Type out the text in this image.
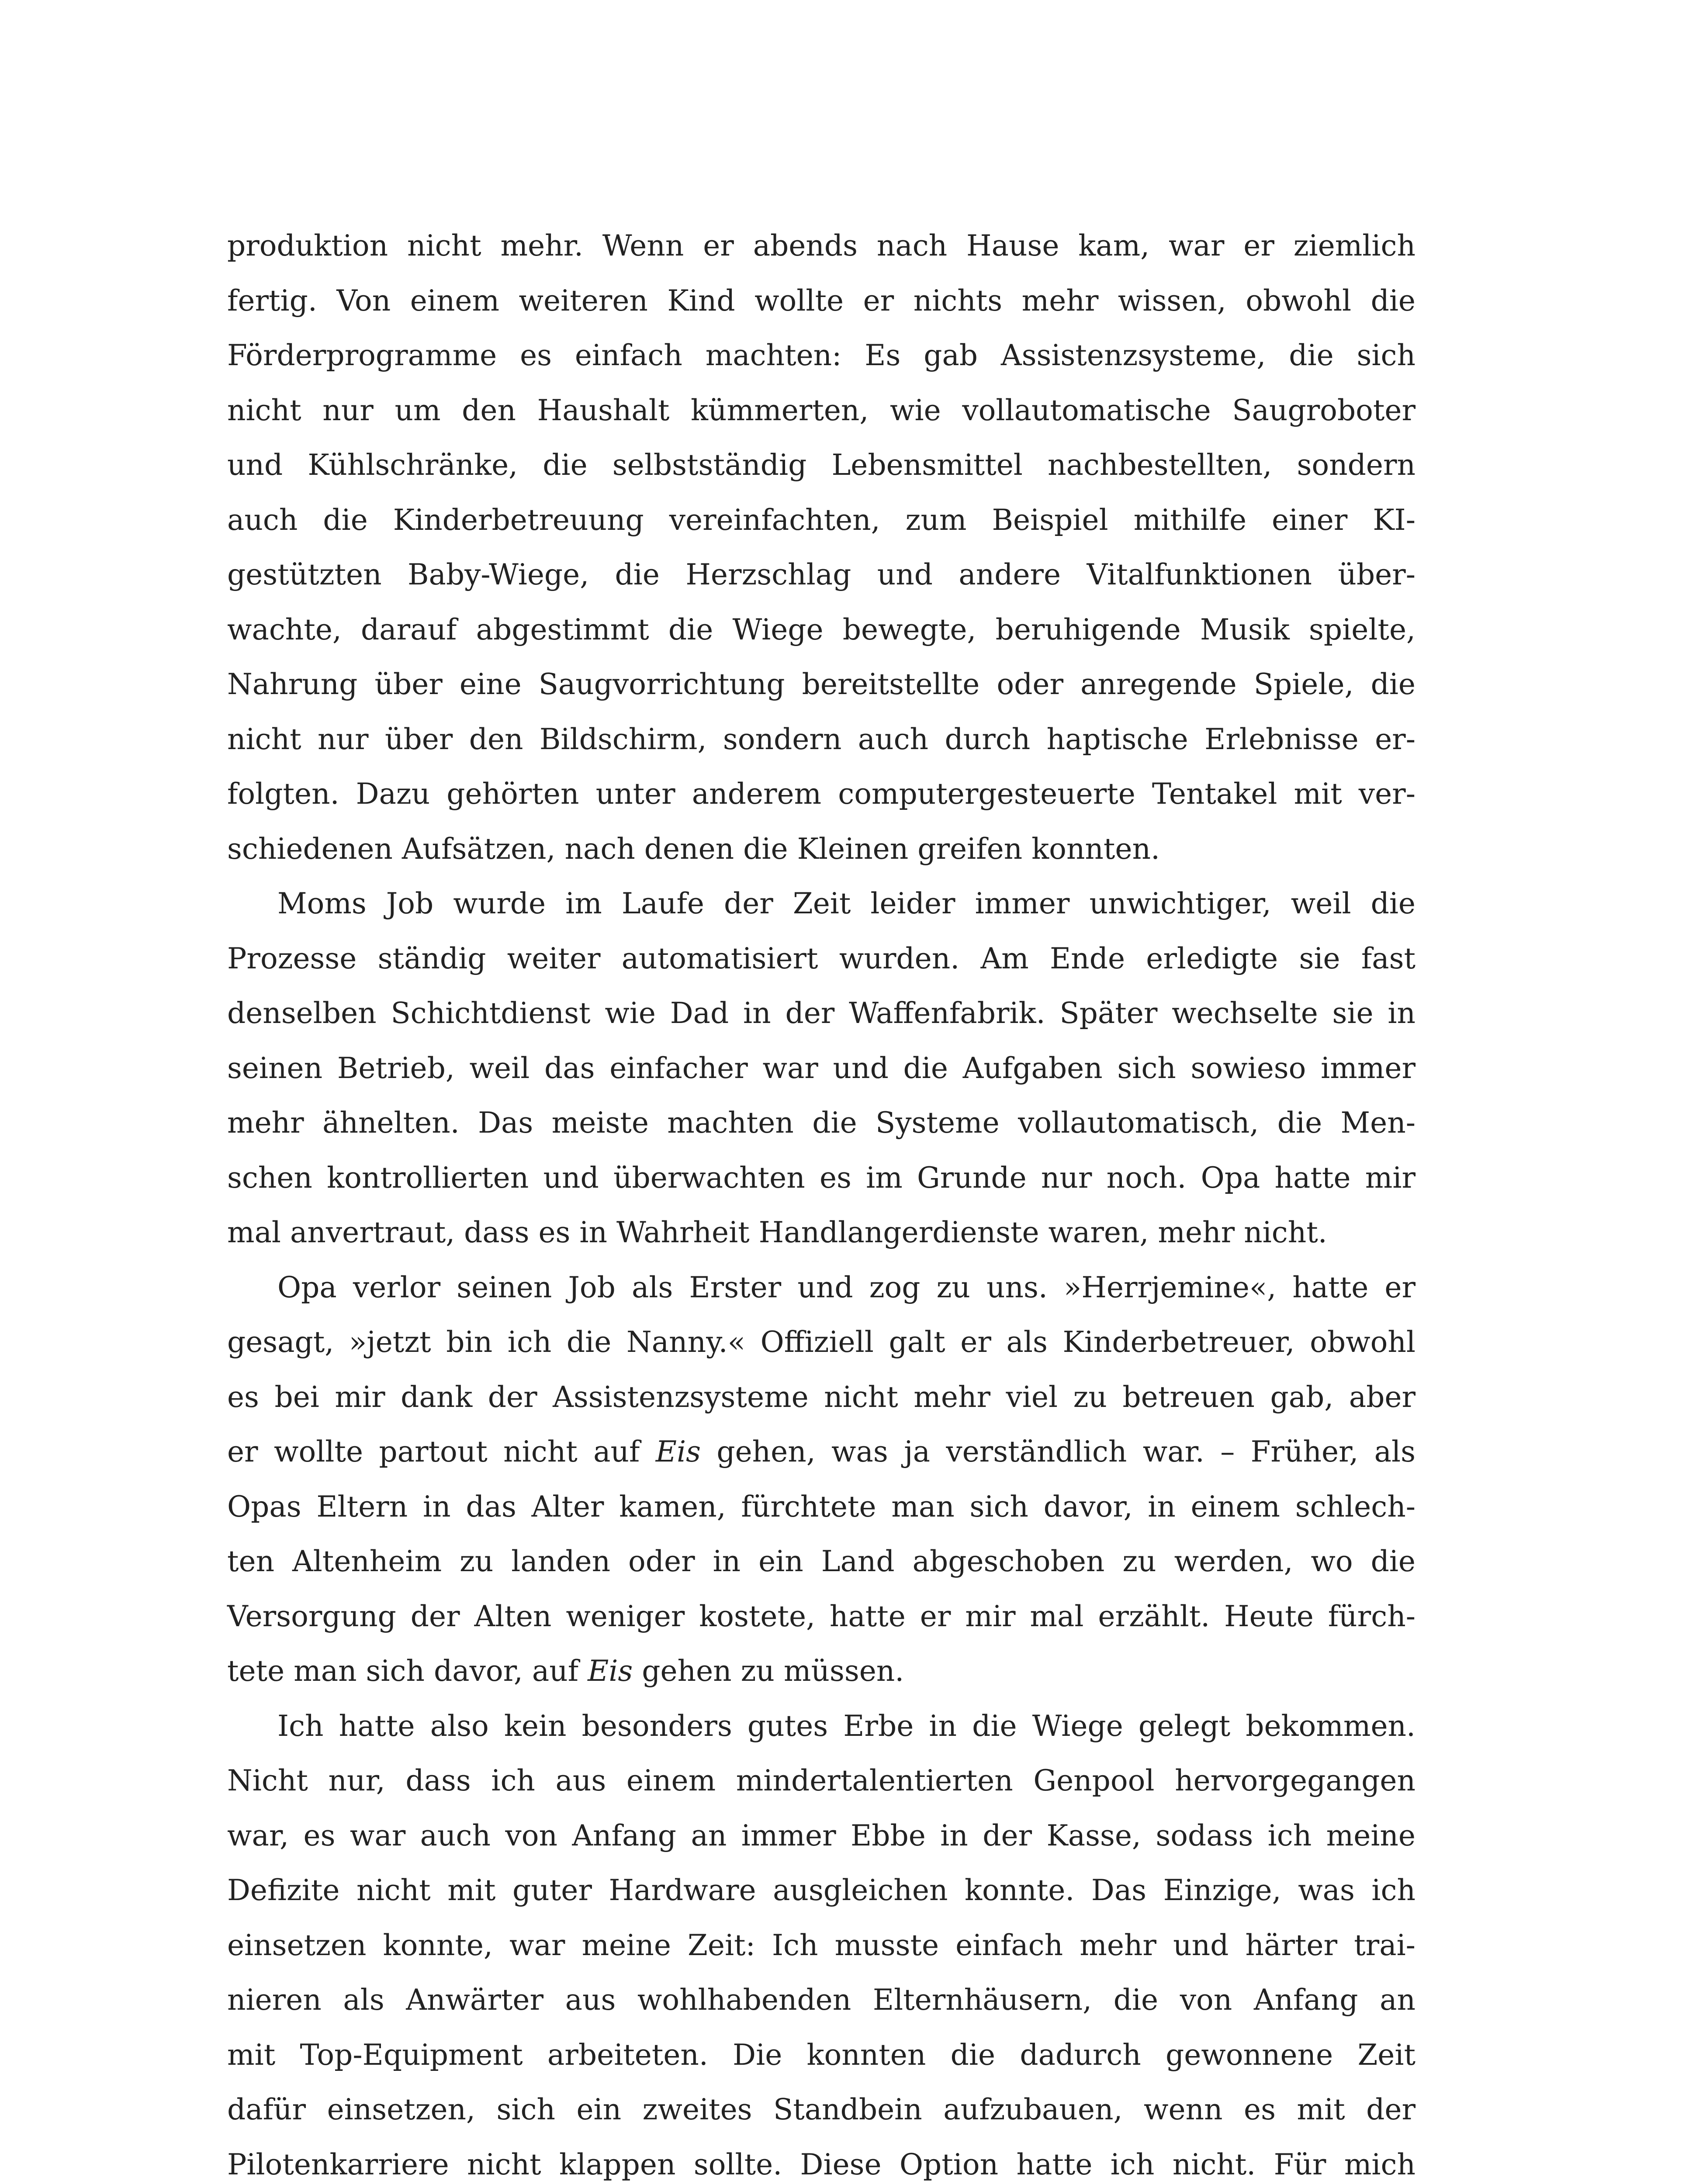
produktion nicht mehr. Wenn er abends nach Hause kam, war er ziemlich
fertig. Von einem weiteren Kind wollte er nichts mehr wissen, obwohl die
Förderprogramme es einfach machten: Es gab Assistenzsysteme, die sich
nicht nur um den Haushalt kümmerten, wie vollautomatische Saugroboter
und Kühlschränke, die selbstständig Lebensmittel nachbestellten, sondern
auch die Kinderbetreuung vereinfachten, zum Beispiel mithilfe einer KI-
gestützten Baby-Wiege, die Herzschlag und andere Vitalfunktionen über-
wachte, darauf abgestimmt die Wiege bewegte, beruhigende Musik spielte,
Nahrung über eine Saugvorrichtung bereitstellte oder anregende Spiele, die
nicht nur über den Bildschirm, sondern auch durch haptische Erlebnisse er-
folgten. Dazu gehörten unter anderem computergesteuerte Tentakel mit ver-
schiedenen Aufsätzen, nach denen die Kleinen greifen konnten.
Moms Job wurde im Laufe der Zeit leider immer unwichtiger, weil die
Prozesse ständig weiter automatisiert wurden. Am Ende erledigte sie fast
denselben Schichtdienst wie Dad in der Waffenfabrik. Später wechselte sie in
seinen Betrieb, weil das einfacher war und die Aufgaben sich sowieso immer
mehr ähnelten. Das meiste machten die Systeme vollautomatisch, die Men-
schen kontrollierten und überwachten es im Grunde nur noch. Opa hatte mir
mal anvertraut, dass es in Wahrheit Handlangerdienste waren, mehr nicht.
Opa verlor seinen Job als Erster und zog zu uns. »Herrjemine«, hatte er
gesagt, »jetzt bin ich die Nanny.« Offiziell galt er als Kinderbetreuer, obwohl
es bei mir dank der Assistenzsysteme nicht mehr viel zu betreuen gab, aber
er wollte partout nicht auf Eis gehen, was ja verständlich war. – Früher, als
Opas Eltern in das Alter kamen, fürchtete man sich davor, in einem schlech-
ten Altenheim zu landen oder in ein Land abgeschoben zu werden, wo die
Versorgung der Alten weniger kostete, hatte er mir mal erzählt. Heute fürch-
tete man sich davor, auf Eis gehen zu müssen.
Ich hatte also kein besonders gutes Erbe in die Wiege gelegt bekommen.
Nicht nur, dass ich aus einem mindertalentierten Genpool hervorgegangen
war, es war auch von Anfang an immer Ebbe in der Kasse, sodass ich meine
Defizite nicht mit guter Hardware ausgleichen konnte. Das Einzige, was ich
einsetzen konnte, war meine Zeit: Ich musste einfach mehr und härter trai-
nieren als Anwärter aus wohlhabenden Elternhäusern, die von Anfang an
mit Top-Equipment arbeiteten. Die konnten die dadurch gewonnene Zeit
dafür einsetzen, sich ein zweites Standbein aufzubauen, wenn es mit der
Pilotenkarriere nicht klappen sollte. Diese Option hatte ich nicht. Für mich
